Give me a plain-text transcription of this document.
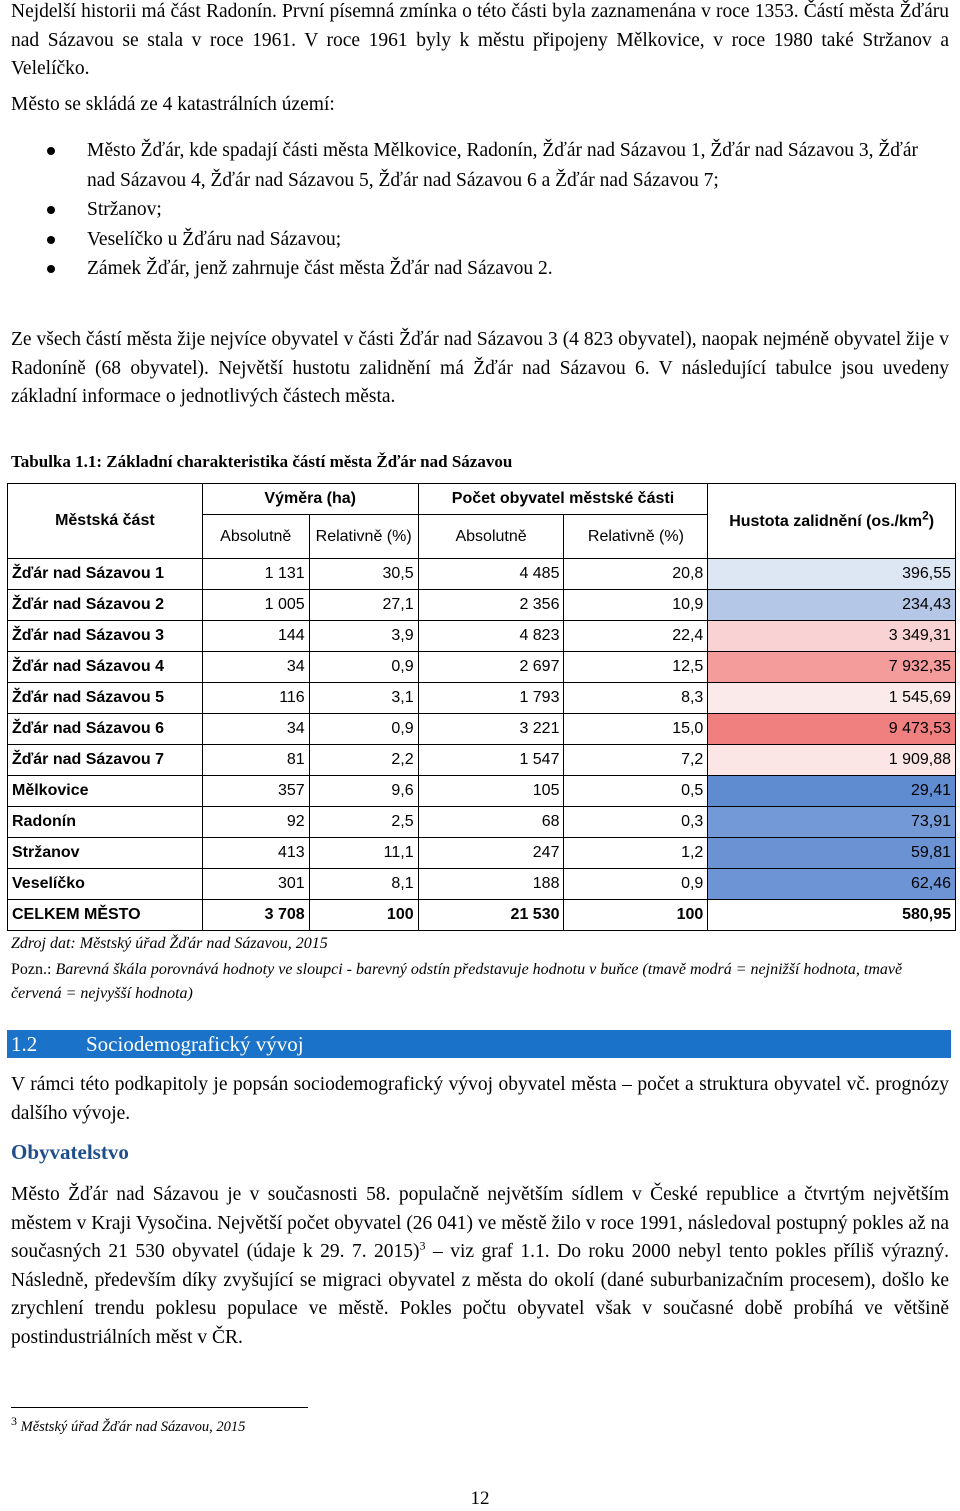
Nejdelší historii má část Radonín. První písemná zmínka o této části byla zaznamenána v roce 1353. Částí města Žďáru nad Sázavou se stala v roce 1961. V roce 1961 byly k městu připojeny Mělkovice, v roce 1980 také Stržanov a Velelíčko.

Město se skládá ze 4 katastrálních území:

Město Žďár, kde spadají části města Mělkovice, Radonín, Žďár nad Sázavou 1, Žďár nad Sázavou 3, Žďár nad Sázavou 4, Žďár nad Sázavou 5, Žďár nad Sázavou 6 a Žďár nad Sázavou 7;
Stržanov;
Veselíčko u Žďáru nad Sázavou;
Zámek Žďár, jenž zahrnuje část města Žďár nad Sázavou 2.

Ze všech částí města žije nejvíce obyvatel v části Žďár nad Sázavou 3 (4 823 obyvatel), naopak nejméně obyvatel žije v Radoníně (68 obyvatel). Největší hustotu zalidnění má Žďár nad Sázavou 6. V následující tabulce jsou uvedeny základní informace o jednotlivých částech města.

Tabulka 1.1: Základní charakteristika částí města Žďár nad Sázavou
Městská část	Výměra (ha)		Počet obyvatel městské části		Hustota zalidnění $(os./km^2)$
	Absolutně	Relativně (%)	Absolutně	Relativně (%)	
Žďár nad Sázavou 1	1 131	30,5	4 485	20,8	396,55
Žďár nad Sázavou 2	1 005	27,1	2 356	10,9	234,43
Žďár nad Sázavou 3	144	3,9	4 823	22,4	3 349,31
Žďár nad Sázavou 4	34	0,9	2 697	12,5	7 932,35
Žďár nad Sázavou 5	116	3,1	1 793	8,3	1 545,69
Žďár nad Sázavou 6	34	0,9	3 221	15,0	9 473,53
Žďár nad Sázavou 7	81	2,2	1 547	7,2	1 909,88
Mělkovice	357	9,6	105	0,5	29,41
Radonín	92	2,5	68	0,3	73,91
Stržanov	413	11,1	247	1,2	59,81
Veselíčko	301	8,1	188	0,9	62,46
CELKEM MĚSTO	3 708	100	21 530	100	580,95
Zdroj dat: Městský úřad Žďár nad Sázavou, 2015
Pozn.: Barevná škála porovnává hodnoty ve sloupci - barevný odstín představuje hodnotu v buňce (tmavě modrá = nejnižší hodnota, tmavě červená = nejvyšší hodnota)
1.2 Sociodemografický vývoj

V rámci této podkapitoly je popsán sociodemografický vývoj obyvatel města – počet a struktura obyvatel vč. prognózy dalšího vývoje.

Obyvatelstvo

Město Žďár nad Sázavou je v současnosti 58. populačně největším sídlem v České republice a čtvrtým největším městem v Kraji Vysočina. Největší počet obyvatel (26 041) ve městě žilo v roce 1991, následoval postupný pokles až na současných 21 530 obyvatel (údaje k 29. 7. 2015)$^3$ – viz graf 1.1. Do roku 2000 nebyl tento pokles příliš výrazný. Následně, především díky zvyšující se migraci obyvatel z města do okolí (dané suburbanizačním procesem), došlo ke zrychlení trendu poklesu populace ve městě. Pokles počtu obyvatel však v současné době probíhá ve většině postindustriálních měst v ČR.

$^3$ Městský úřad Žďár nad Sázavou, 2015
12
